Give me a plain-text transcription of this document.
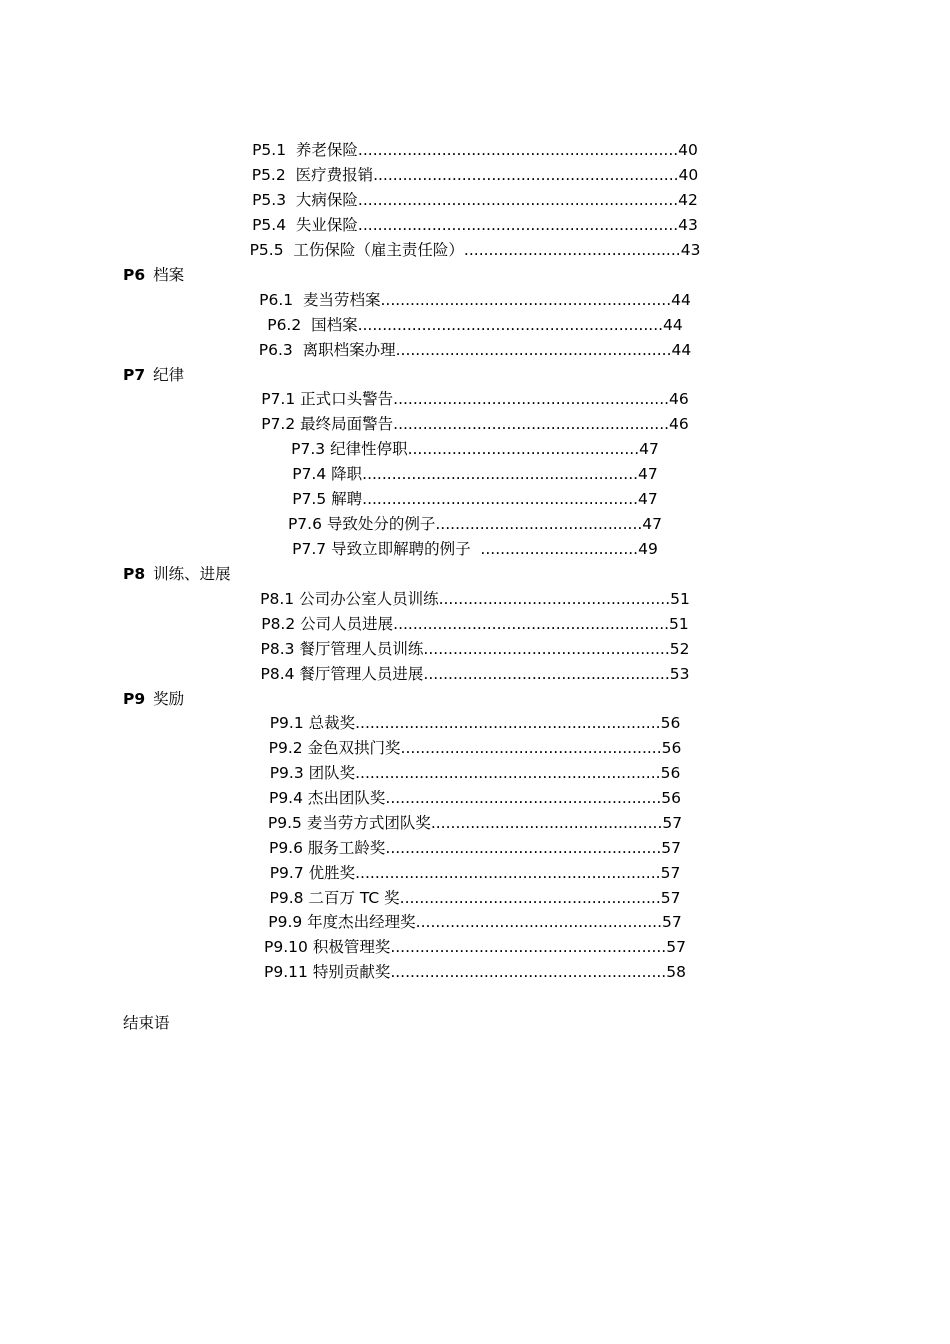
P5.1  养老保险.................................................................40
P5.2  医疗费报销..............................................................40
P5.3  大病保险.................................................................42
P5.4  失业保险.................................................................43
P5.5  工伤保险（雇主责任险）............................................43
P6 档案
P6.1  麦当劳档案...........................................................44
P6.2  国档案..............................................................44
P6.3  离职档案办理........................................................44
P7 纪律
P7.1 正式口头警告........................................................46
P7.2 最终局面警告........................................................46
P7.3 纪律性停职...............................................47
P7.4 降职........................................................47
P7.5 解聘........................................................47
P7.6 导致处分的例子..........................................47
P7.7 导致立即解聘的例子  ................................49
P8 训练、进展
P8.1 公司办公室人员训练...............................................51
P8.2 公司人员进展........................................................51
P8.3 餐厅管理人员训练..................................................52
P8.4 餐厅管理人员进展..................................................53
P9 奖励
P9.1 总裁奖..............................................................56
P9.2 金色双拱门奖.....................................................56
P9.3 团队奖..............................................................56
P9.4 杰出团队奖........................................................56
P9.5 麦当劳方式团队奖...............................................57
P9.6 服务工龄奖........................................................57
P9.7 优胜奖..............................................................57
P9.8 二百万 TC 奖.....................................................57
P9.9 年度杰出经理奖..................................................57
P9.10 积极管理奖........................................................57
P9.11 特别贡献奖........................................................58
结束语
